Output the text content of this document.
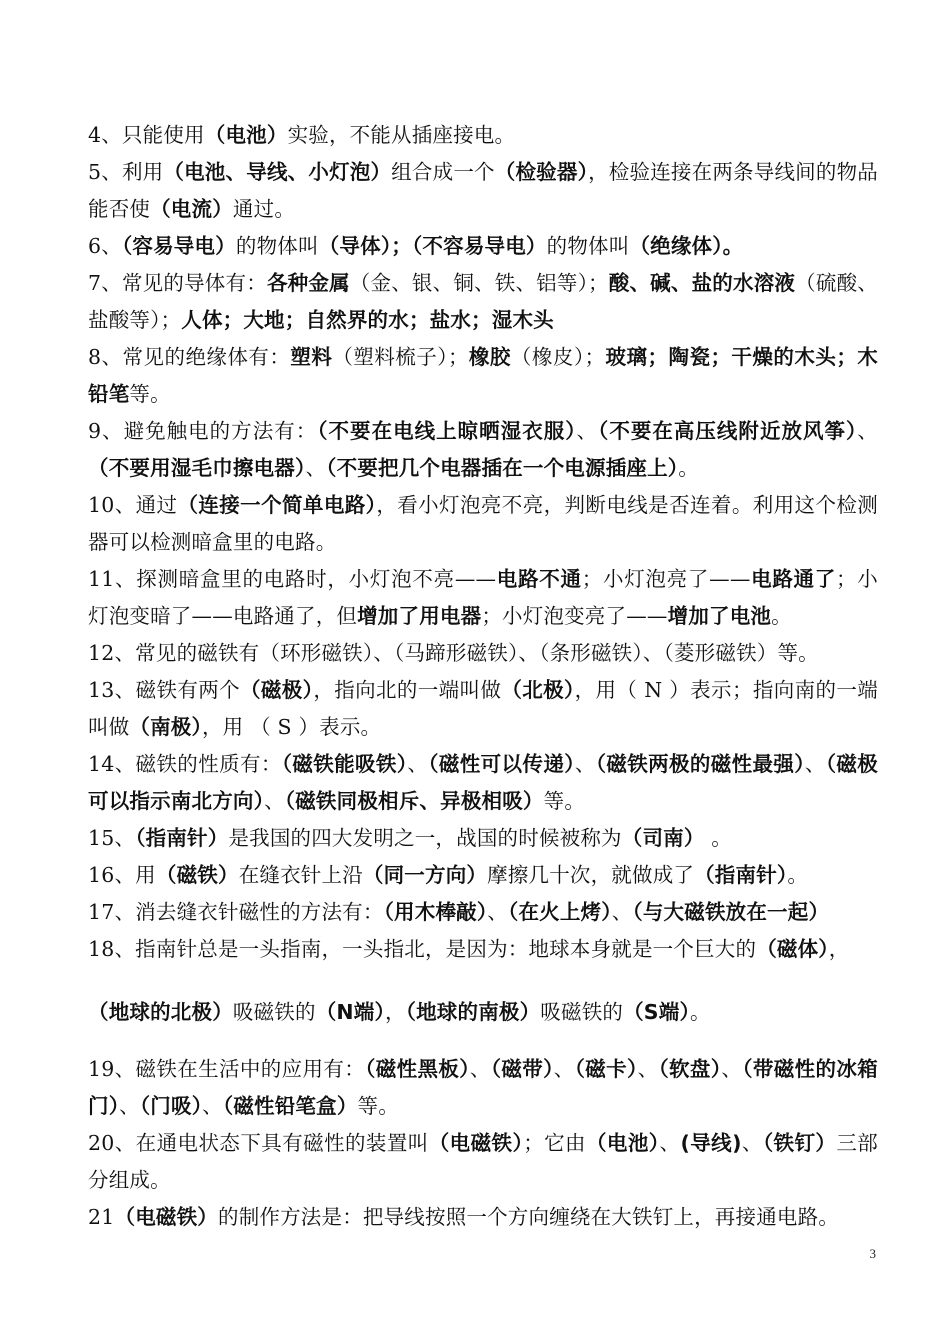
4、只能使用（电池）实验，不能从插座接电。

5、利用（电池、导线、小灯泡）组合成一个（检验器），检验连接在两条导线间的物品能否使（电流）通过。

6、（容易导电）的物体叫（导体）；（不容易导电）的物体叫（绝缘体）。

7、常见的导体有：各种金属（金、银、铜、铁、铝等）；酸、碱、盐的水溶液（硫酸、盐酸等）；人体；大地；自然界的水；盐水；湿木头

8、常见的绝缘体有：塑料（塑料梳子）；橡胶（橡皮）；玻璃；陶瓷；干燥的木头；木铅笔等。

9、避免触电的方法有：（不要在电线上晾晒湿衣服）、（不要在高压线附近放风筝）、（不要用湿毛巾擦电器）、（不要把几个电器插在一个电源插座上）。

10、通过（连接一个简单电路），看小灯泡亮不亮，判断电线是否连着。利用这个检测器可以检测暗盒里的电路。

11、探测暗盒里的电路时，小灯泡不亮——电路不通；小灯泡亮了——电路通了；小灯泡变暗了——电路通了，但增加了用电器；小灯泡变亮了——增加了电池。

12、常见的磁铁有（环形磁铁）、（马蹄形磁铁）、（条形磁铁）、（菱形磁铁）等。

13、磁铁有两个（磁极），指向北的一端叫做（北极），用（ N ）表示；指向南的一端叫做（南极），用 （ S ）表示。

14、磁铁的性质有：（磁铁能吸铁）、（磁性可以传递）、（磁铁两极的磁性最强）、（磁极可以指示南北方向）、（磁铁同极相斥、异极相吸）等。

15、（指南针）是我国的四大发明之一，战国的时候被称为（司南） 。

16、用（磁铁）在缝衣针上沿（同一方向）摩擦几十次，就做成了（指南针）。

17、消去缝衣针磁性的方法有：（用木棒敲）、（在火上烤）、（与大磁铁放在一起）

18、指南针总是一头指南，一头指北，是因为：地球本身就是一个巨大的（磁体），

（地球的北极）吸磁铁的（N端），（地球的南极）吸磁铁的（S端）。

19、磁铁在生活中的应用有：（磁性黑板）、（磁带）、（磁卡）、（软盘）、（带磁性的冰箱门）、（门吸）、（磁性铅笔盒）等。

20、在通电状态下具有磁性的装置叫（电磁铁）；它由（电池）、(导线)、（铁钉）三部分组成。

21（电磁铁）的制作方法是：把导线按照一个方向缠绕在大铁钉上，再接通电路。

3
